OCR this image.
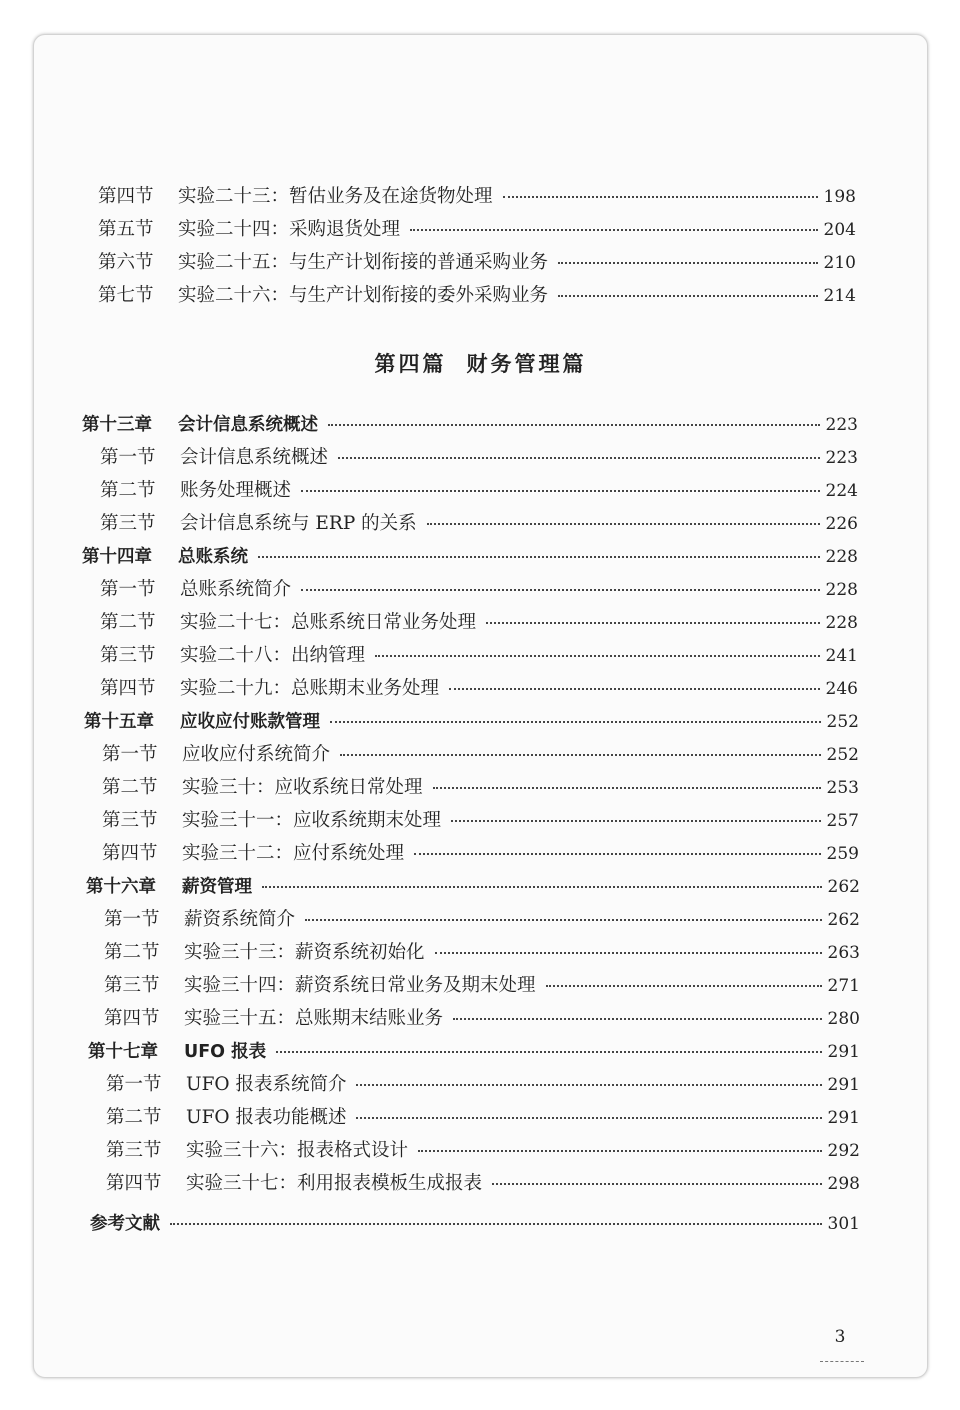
第四节	实验二十三：暂估业务及在途货物处理	198
第五节	实验二十四：采购退货处理	204
第六节	实验二十五：与生产计划衔接的普通采购业务	210
第七节	实验二十六：与生产计划衔接的委外采购业务	214
第四篇 财务管理篇
第十三章	会计信息系统概述	223
第一节	会计信息系统概述	223
第二节	账务处理概述	224
第三节	会计信息系统与 ERP 的关系	226
第十四章	总账系统	228
第一节	总账系统简介	228
第二节	实验二十七：总账系统日常业务处理	228
第三节	实验二十八：出纳管理	241
第四节	实验二十九：总账期末业务处理	246
第十五章	应收应付账款管理	252
第一节	应收应付系统简介	252
第二节	实验三十：应收系统日常处理	253
第三节	实验三十一：应收系统期末处理	257
第四节	实验三十二：应付系统处理	259
第十六章	薪资管理	262
第一节	薪资系统简介	262
第二节	实验三十三：薪资系统初始化	263
第三节	实验三十四：薪资系统日常业务及期末处理	271
第四节	实验三十五：总账期末结账业务	280
第十七章	UFO 报表	291
第一节	UFO 报表系统简介	291
第二节	UFO 报表功能概述	291
第三节	实验三十六：报表格式设计	292
第四节	实验三十七：利用报表模板生成报表	298
参考文献	301
3
